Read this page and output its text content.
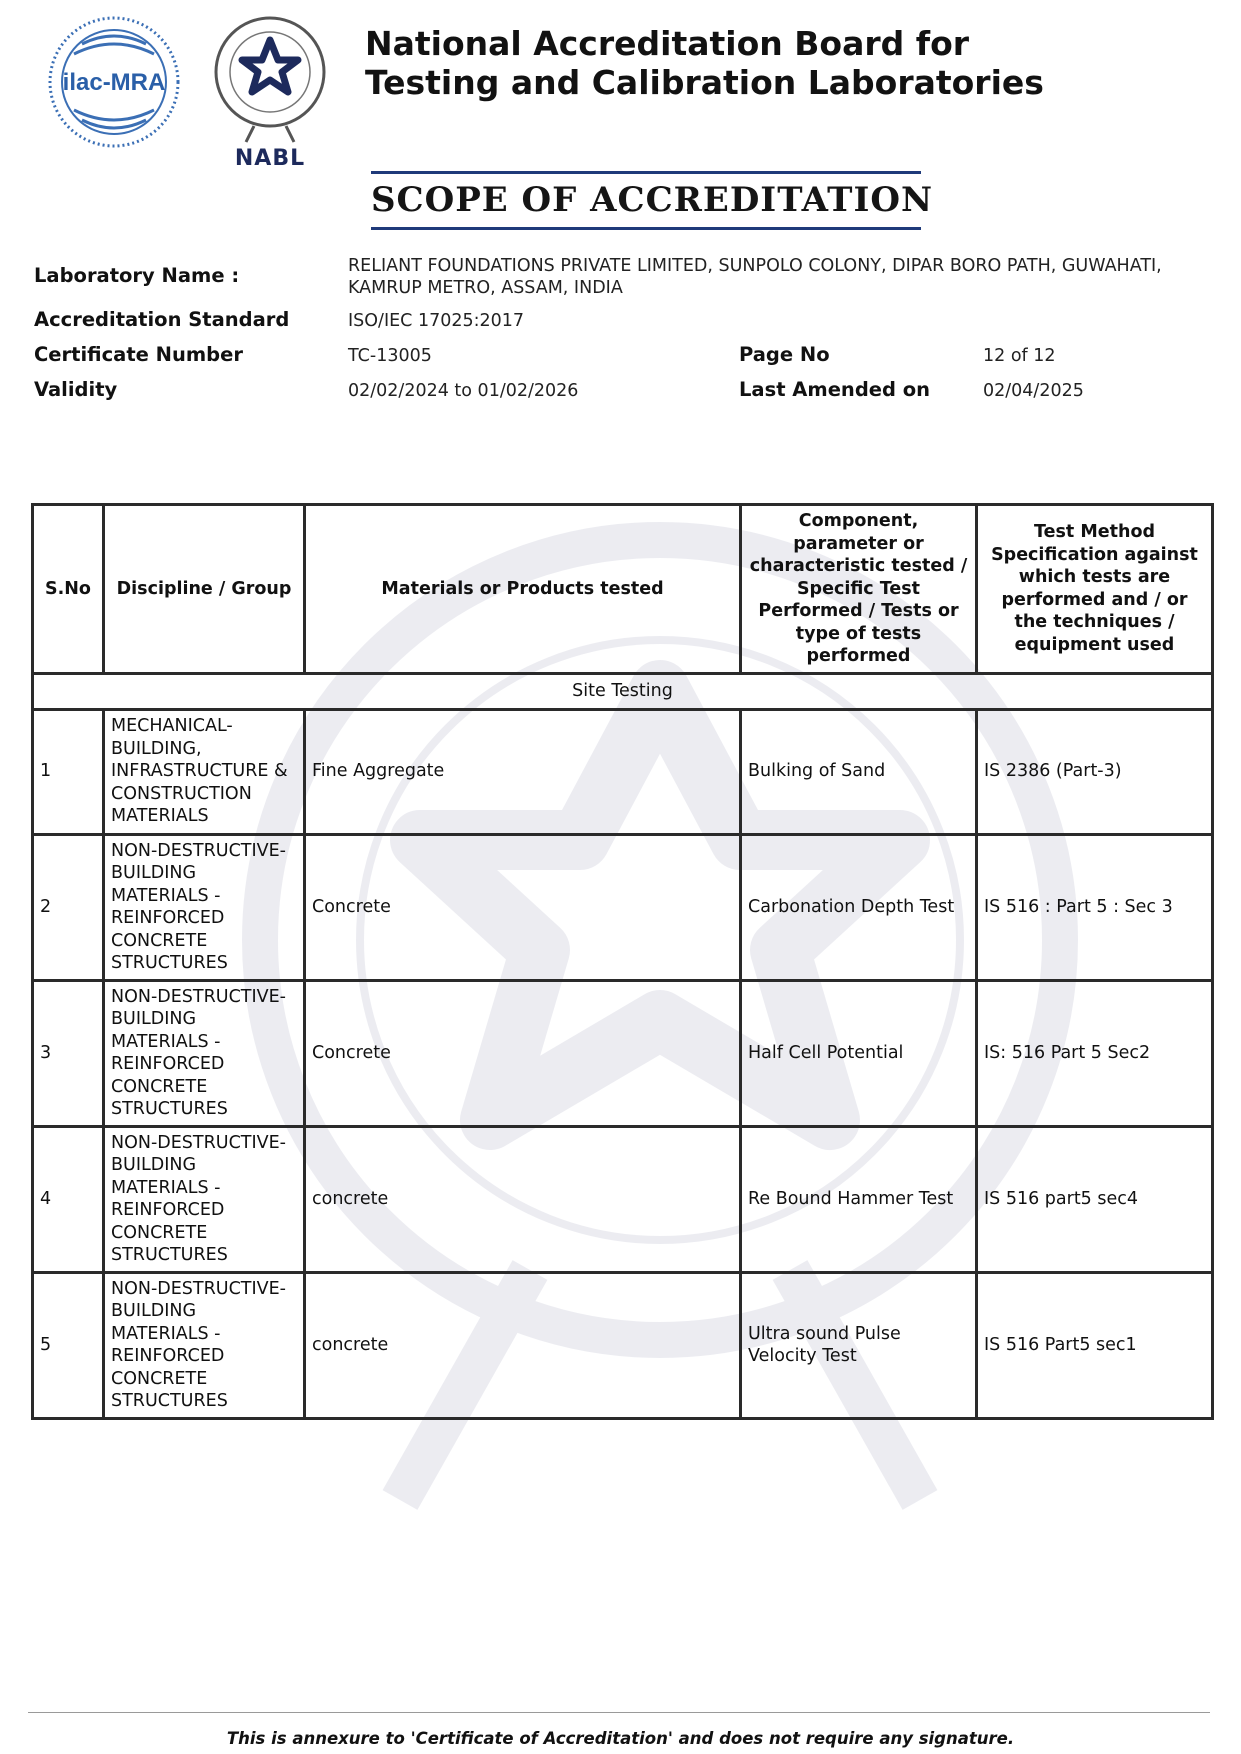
ilac-MRA
NABL
National Accreditation Board for
Testing and Calibration Laboratories
SCOPE OF ACCREDITATION
Laboratory Name :	RELIANT FOUNDATIONS PRIVATE LIMITED, SUNPOLO COLONY, DIPAR BORO PATH, GUWAHATI,
KAMRUP METRO, ASSAM, INDIA
Accreditation Standard	ISO/IEC 17025:2017
Certificate Number	TC-13005	Page No	12 of 12
Validity	02/02/2024 to 01/02/2026	Last Amended on	02/04/2025
S.No	Discipline / Group	Materials or Products tested	Component, parameter or characteristic tested / Specific Test Performed / Tests or type of tests performed	Test Method Specification against which tests are performed and / or the techniques / equipment used
Site Testing				
1	MECHANICAL- BUILDING, INFRASTRUCTURE & CONSTRUCTION MATERIALS	Fine Aggregate	Bulking of Sand	IS 2386 (Part-3)
2	NON-DESTRUCTIVE- BUILDING MATERIALS - REINFORCED CONCRETE STRUCTURES	Concrete	Carbonation Depth Test	IS 516 : Part 5 : Sec 3
3	NON-DESTRUCTIVE- BUILDING MATERIALS - REINFORCED CONCRETE STRUCTURES	Concrete	Half Cell Potential	IS: 516 Part 5 Sec2
4	NON-DESTRUCTIVE- BUILDING MATERIALS - REINFORCED CONCRETE STRUCTURES	concrete	Re Bound Hammer Test	IS 516 part5 sec4
5	NON-DESTRUCTIVE- BUILDING MATERIALS - REINFORCED CONCRETE STRUCTURES	concrete	Ultra sound Pulse Velocity Test	IS 516 Part5 sec1
This is annexure to 'Certificate of Accreditation' and does not require any signature.
